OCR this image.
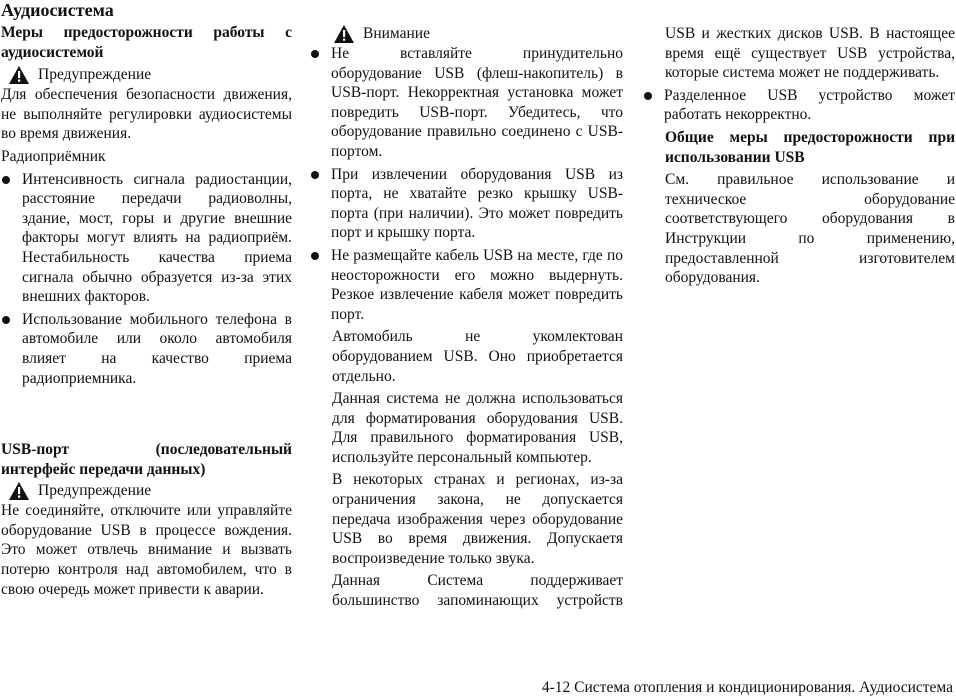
Аудиосистема
Меры предосторожности работы с
аудиосистемой
Предупреждение

Для обеспечения безопасности движения, не выполняйте регулировки аудиосистемы во время движения.

Радиоприёмник

Интенсивность сигнала радиостанции, расстояние передачи радиоволны, здание, мост, горы и другие внешние факторы могут влиять на радиоприём. Нестабильность качества приема сигнала обычно образуется из-за этих внешних факторов.
Использование мобильного телефона в автомобиле или около автомобиля влияет на качество приема радиоприемника.
USB-порт (последовательный
интерфейс передачи данных)
Предупреждение

Не соединяйте, отключите или управляйте оборудование USB в процессе вождения. Это может отвлечь внимание и вызвать потерю контроля над автомобилем, что в свою очередь может привести к аварии.

Внимание
Не вставляйте принудительно оборудование USB (флеш-накопитель) в USB-порт. Некорректная установка может повредить USB-порт. Убедитесь, что оборудование правильно соединено с USB-портом.
При извлечении оборудования USB из порта, не хватайте резко крышку USB-порта (при наличии). Это может повредить порт и крышку порта.
Не размещайте кабель USB на месте, где по неосторожности его можно выдернуть. Резкое извлечение кабеля может повредить порт.

Автомобиль не укомлектован оборудованием USB. Оно приобретается отдельно.

Данная система не должна использоваться для форматирования оборудования USB. Для правильного форматирования USB, используйте персональный компьютер.

В некоторых странах и регионах, из-за ограничения закона, не допускается передача изображения через оборудование USB во время движения. Допускаетя воспроизведение только звука.

Данная Система поддерживает большинство запоминающих устройств

USB и жестких дисков USB. В настоящее время ещё существует USB устройства, которые система может не поддерживать.

Разделенное USB устройство может работать некорректно.
Общие меры предосторожности при
использовании USB

См. правильное использование и техническое оборудование соответствующего оборудования в Инструкции по применению, предоставленной изготовителем оборудования.

4-12 Система отопления и кондиционирования. Аудиосистема
